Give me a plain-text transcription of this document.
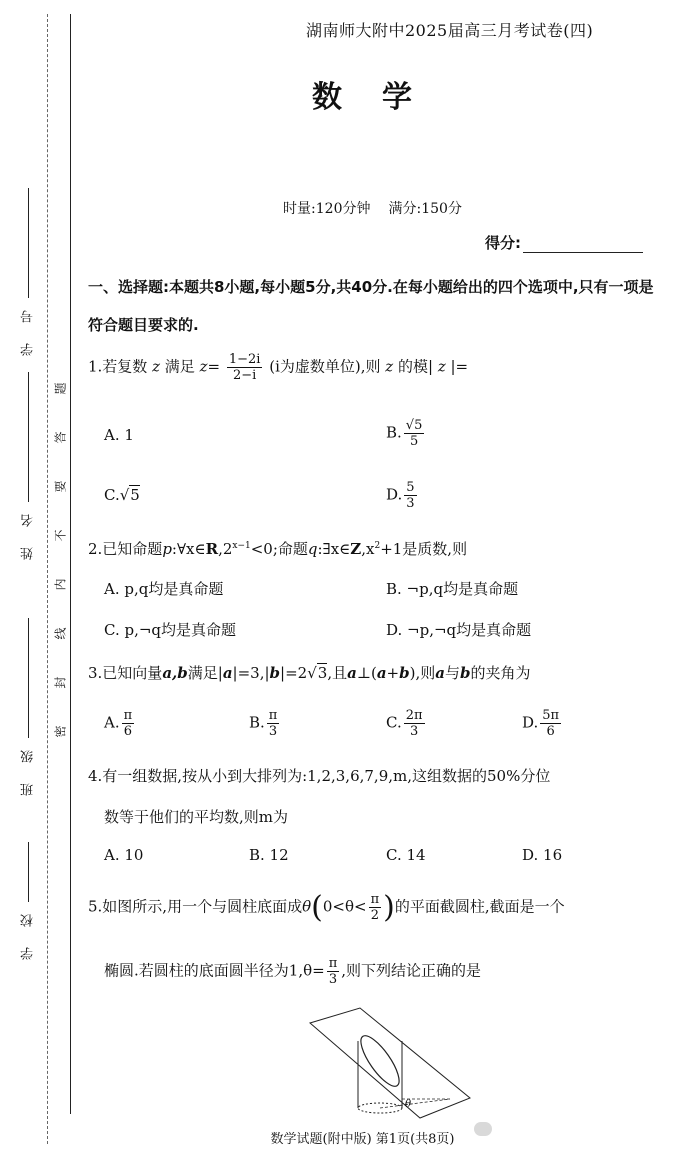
学 号
姓 名
班 级
学 校
密
封
线
内
不
要
答
题
湖南师大附中2025届高三月考试卷(四)
数学
时量:120分钟 满分:150分
得分:
一、选择题:本题共8小题,每小题5分,共40分.在每小题给出的四个选项中,只有一项是符合题目要求的.
1.若复数 z 满足 $z= \frac{1-2i}{2-i} (i$为虚数单位),则 z 的模| z |=
A. 1	B. $\frac{√5}{5}$
C.√5	D. $\frac{5}{3}$
2.已知命题$p:\forall x\in R,2^{x-1}<0$;命题$q:\exists x\in Z,x^2+1$是质数,则
A. p,q均是真命题	B. ¬p,q均是真命题
C. p,¬q均是真命题	D. ¬p,¬q均是真命题
3.已知向量a,b满足|a|=3,|b|=2√3,且a⊥(a+b),则a与b的夹角为
A. $\frac{\pi}{6}$	B. $\frac{\pi}{3}$	C. $\frac{2\pi}{3}$	D. $\frac{5\pi}{6}$
4.有一组数据,按从小到大排列为:1,2,3,6,7,9,m,这组数据的50%分位
数等于他们的平均数,则m为
A. 10	B. 12	C. 14	D. 16
5.如图所示,用一个与圆柱底面成$\theta(0<\theta< \frac{\pi}{2}$ )的平面截圆柱,截面是一个
椭圆.若圆柱的底面圆半径为$1,\theta= \frac{\pi}{3}$ ,则下列结论正确的是
θ
数学试题(附中版) 第1页(共8页)
